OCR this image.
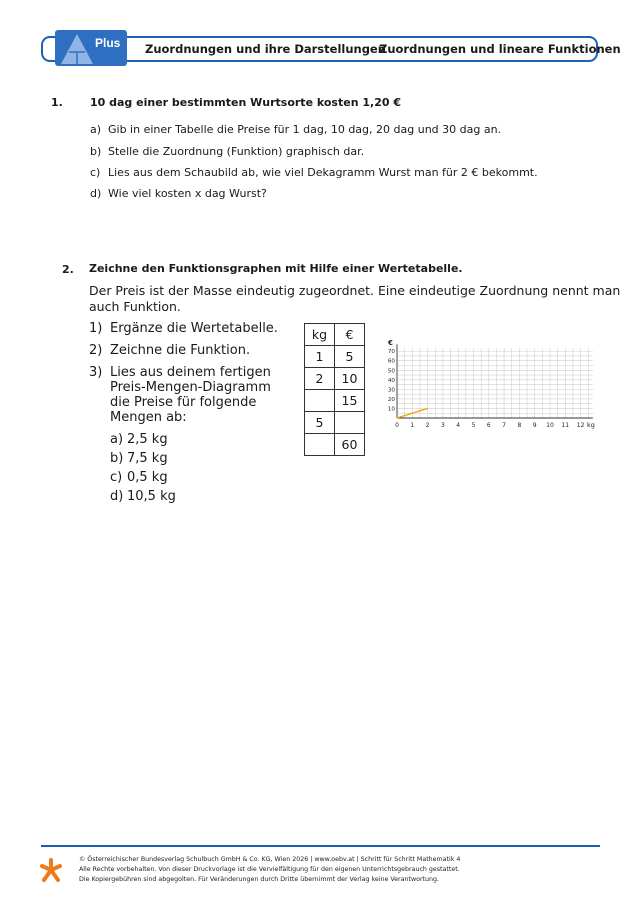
Plus Zuordnungen und ihre Darstellungen
Zuordnungen und lineare Funktionen
1. 10 dag einer bestimmten Wurtsorte kosten 1,20 €
a) Gib in einer Tabelle die Preise für 1 dag, 10 dag, 20 dag und 30 dag an.
b) Stelle die Zuordnung (Funktion) graphisch dar.
c) Lies aus dem Schaubild ab, wie viel Dekagramm Wurst man für 2 € bekommt.
d) Wie viel kosten x dag Wurst?
2. Zeichne den Funktionsgraphen mit Hilfe einer Wertetabelle.
Der Preis ist der Masse eindeutig zugeordnet. Eine eindeutige Zuordnung nennt man
auch Funktion.
1) Ergänze die Wertetabelle.
2) Zeichne die Funktion.
3) Lies aus deinem fertigen
Preis-Mengen-Diagramm
die Preise für folgende
Mengen ab:
a) 2,5 kg
b) 7,5 kg
c) 0,5 kg
d) 10,5 kg
kg	€
1	5
2	10
	15
5	
	60
0 1 2 3 4 5 6 7 8 9 10 11 12
10
20
30
40
50
60
70
€
kg
© Österreichischer Bundesverlag Schulbuch GmbH & Co. KG, Wien 2026 | www.oebv.at | Schritt für Schritt Mathematik 4
Alle Rechte vorbehalten. Von dieser Druckvorlage ist die Vervielfältigung für den eigenen Unterrichtsgebrauch gestattet.
Die Kopiergebühren sind abgegolten. Für Veränderungen durch Dritte übernimmt der Verlag keine Verantwortung.
